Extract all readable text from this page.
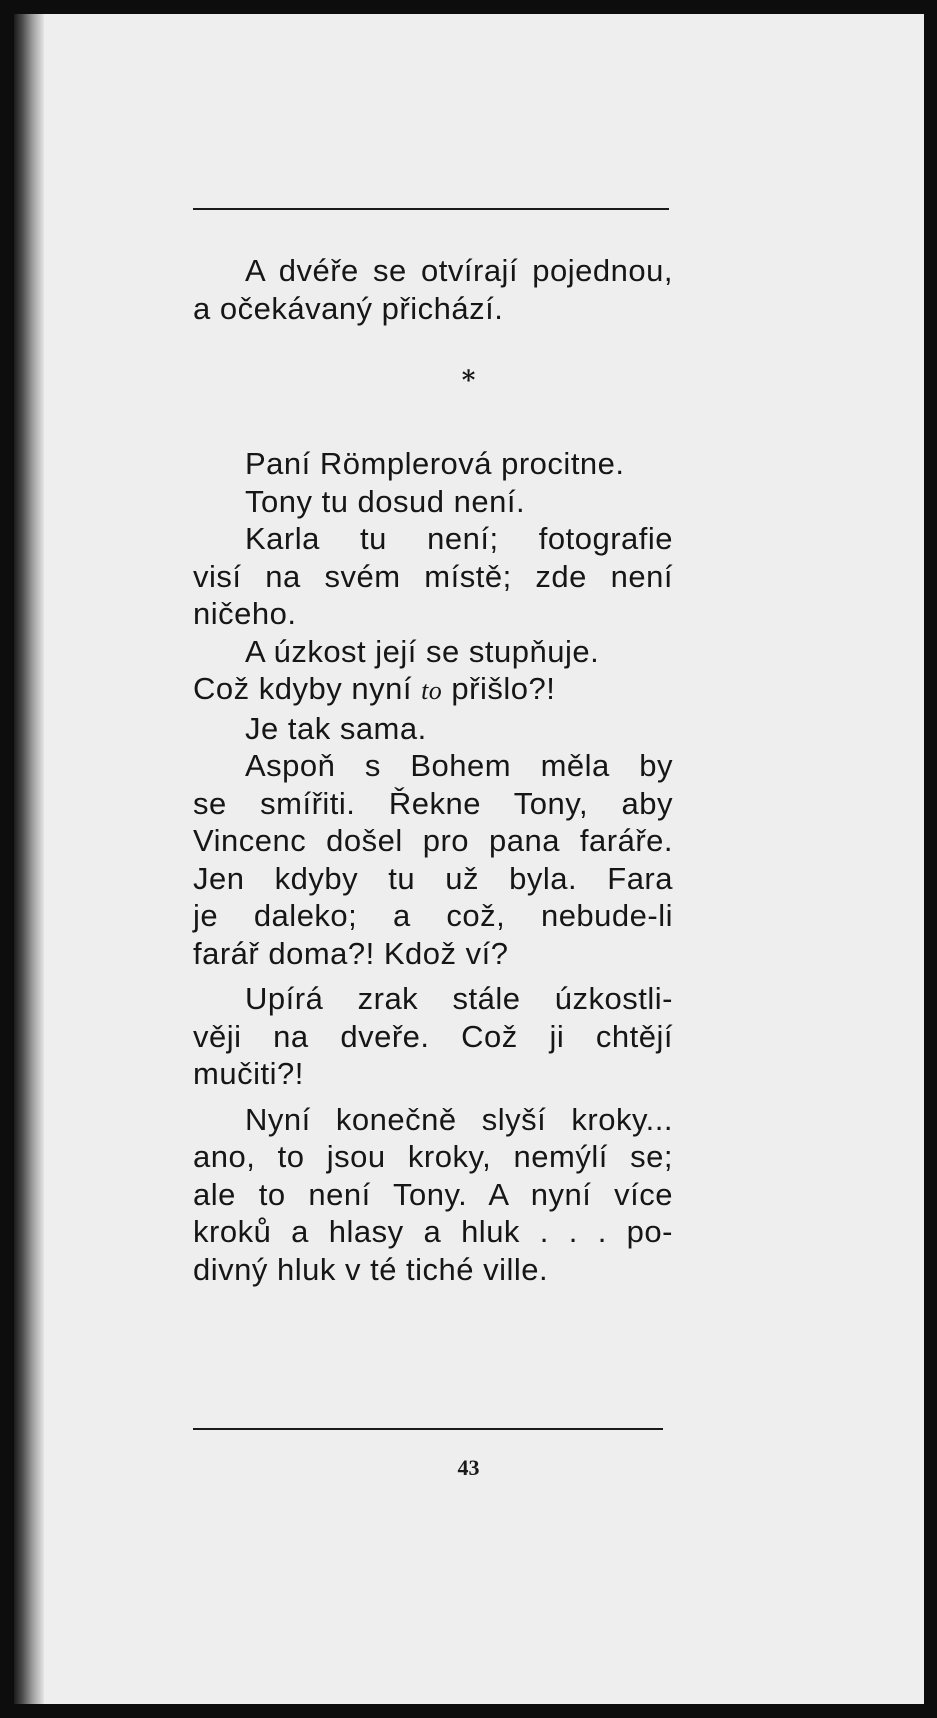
A dvéře se otvírají pojednou,
a očekávaný přichází.
*
Paní Römplerová procitne.
Tony tu dosud není.
Karla tu není; fotografie
visí na svém místě; zde není
ničeho.
A úzkost její se stupňuje.
Což kdyby nyní to přišlo?!
Je tak sama.
Aspoň s Bohem měla by
se smířiti. Řekne Tony, aby
Vincenc došel pro pana faráře.
Jen kdyby tu už byla. Fara
je daleko; a což, nebude-li
farář doma?! Kdož ví?
Upírá zrak stále úzkostli-
věji na dveře. Což ji chtějí
mučiti?!
Nyní konečně slyší kroky...
ano, to jsou kroky, nemýlí se;
ale to není Tony. A nyní více
kroků a hlasy a hluk . . . po-
divný hluk v té tiché ville.
43
